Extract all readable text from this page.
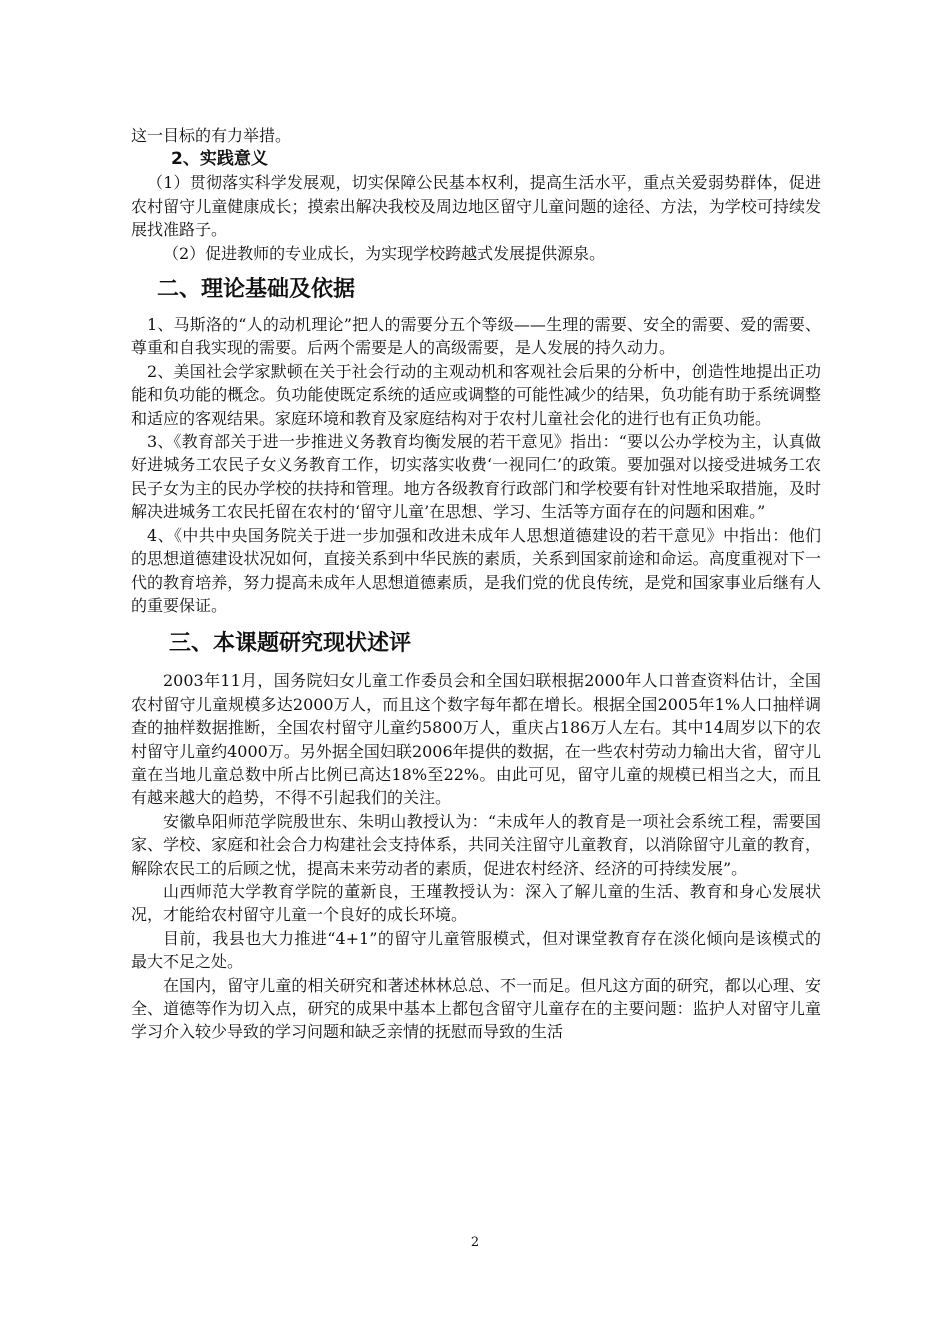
这一目标的有力举措。

2、实践意义

（1）贯彻落实科学发展观，切实保障公民基本权利，提高生活水平，重点关爱弱势群体，促进农村留守儿童健康成长；摸索出解决我校及周边地区留守儿童问题的途径、方法，为学校可持续发展找准路子。

（2）促进教师的专业成长，为实现学校跨越式发展提供源泉。

二、理论基础及依据

1、马斯洛的“人的动机理论”把人的需要分五个等级——生理的需要、安全的需要、爱的需要、尊重和自我实现的需要。后两个需要是人的高级需要，是人发展的持久动力。

2、美国社会学家默顿在关于社会行动的主观动机和客观社会后果的分析中，创造性地提出正功能和负功能的概念。负功能使既定系统的适应或调整的可能性减少的结果，负功能有助于系统调整和适应的客观结果。家庭环境和教育及家庭结构对于农村儿童社会化的进行也有正负功能。

3、《教育部关于进一步推进义务教育均衡发展的若干意见》指出：“要以公办学校为主，认真做好进城务工农民子女义务教育工作，切实落实收费‘一视同仁’的政策。要加强对以接受进城务工农民子女为主的民办学校的扶持和管理。地方各级教育行政部门和学校要有针对性地采取措施，及时解决进城务工农民托留在农村的‘留守儿童’在思想、学习、生活等方面存在的问题和困难。”

4、《中共中央国务院关于进一步加强和改进未成年人思想道德建设的若干意见》中指出：他们的思想道德建设状况如何，直接关系到中华民族的素质，关系到国家前途和命运。高度重视对下一代的教育培养，努力提高未成年人思想道德素质，是我们党的优良传统，是党和国家事业后继有人的重要保证。

三、本课题研究现状述评

2003年11月，国务院妇女儿童工作委员会和全国妇联根据2000年人口普查资料估计，全国农村留守儿童规模多达2000万人，而且这个数字每年都在增长。根据全国2005年1%人口抽样调查的抽样数据推断，全国农村留守儿童约5800万人，重庆占186万人左右。其中14周岁以下的农村留守儿童约4000万。另外据全国妇联2006年提供的数据，在一些农村劳动力输出大省，留守儿童在当地儿童总数中所占比例已高达18%至22%。由此可见，留守儿童的规模已相当之大，而且有越来越大的趋势，不得不引起我们的关注。

安徽阜阳师范学院殷世东、朱明山教授认为：“未成年人的教育是一项社会系统工程，需要国家、学校、家庭和社会合力构建社会支持体系，共同关注留守儿童教育，以消除留守儿童的教育，解除农民工的后顾之忧，提高未来劳动者的素质，促进农村经济、经济的可持续发展”。

山西师范大学教育学院的董新良，王瑾教授认为：深入了解儿童的生活、教育和身心发展状况，才能给农村留守儿童一个良好的成长环境。

目前，我县也大力推进“4+1”的留守儿童管服模式，但对课堂教育存在淡化倾向是该模式的最大不足之处。

在国内，留守儿童的相关研究和著述林林总总、不一而足。但凡这方面的研究，都以心理、安全、道德等作为切入点，研究的成果中基本上都包含留守儿童存在的主要问题：监护人对留守儿童学习介入较少导致的学习问题和缺乏亲情的抚慰而导致的生活

2
